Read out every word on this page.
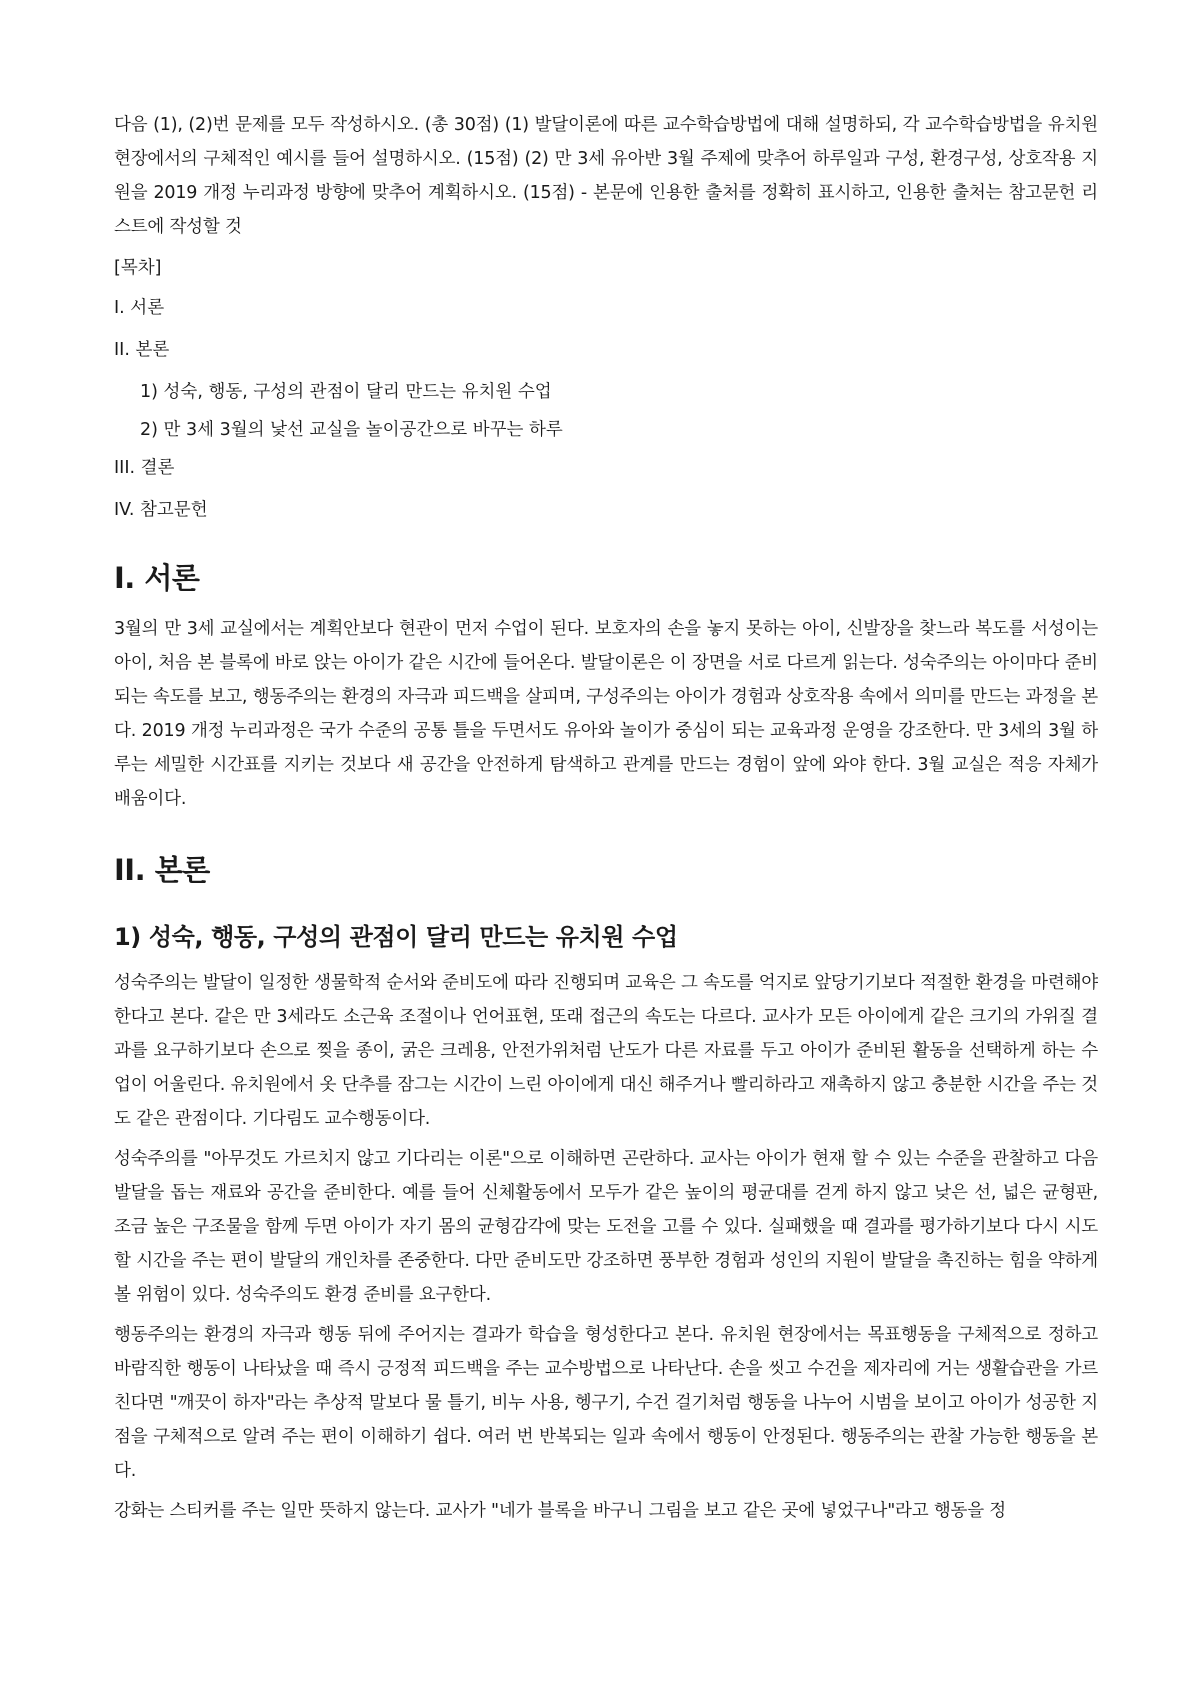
다음 (1), (2)번 문제를 모두 작성하시오. (총 30점) (1) 발달이론에 따른 교수학습방법에 대해 설명하되, 각 교수학습방법을 유치원 현장에서의 구체적인 예시를 들어 설명하시오. (15점) (2) 만 3세 유아반 3월 주제에 맞추어 하루일과 구성, 환경구성, 상호작용 지원을 2019 개정 누리과정 방향에 맞추어 계획하시오. (15점) - 본문에 인용한 출처를 정확히 표시하고, 인용한 출처는 참고문헌 리스트에 작성할 것

[목차]
I. 서론
II. 본론
1) 성숙, 행동, 구성의 관점이 달리 만드는 유치원 수업
2) 만 3세 3월의 낯선 교실을 놀이공간으로 바꾸는 하루
III. 결론
IV. 참고문헌
I. 서론

3월의 만 3세 교실에서는 계획안보다 현관이 먼저 수업이 된다. 보호자의 손을 놓지 못하는 아이, 신발장을 찾느라 복도를 서성이는 아이, 처음 본 블록에 바로 앉는 아이가 같은 시간에 들어온다. 발달이론은 이 장면을 서로 다르게 읽는다. 성숙주의는 아이마다 준비되는 속도를 보고, 행동주의는 환경의 자극과 피드백을 살피며, 구성주의는 아이가 경험과 상호작용 속에서 의미를 만드는 과정을 본다. 2019 개정 누리과정은 국가 수준의 공통 틀을 두면서도 유아와 놀이가 중심이 되는 교육과정 운영을 강조한다. 만 3세의 3월 하루는 세밀한 시간표를 지키는 것보다 새 공간을 안전하게 탐색하고 관계를 만드는 경험이 앞에 와야 한다. 3월 교실은 적응 자체가 배움이다.

II. 본론
1) 성숙, 행동, 구성의 관점이 달리 만드는 유치원 수업

성숙주의는 발달이 일정한 생물학적 순서와 준비도에 따라 진행되며 교육은 그 속도를 억지로 앞당기기보다 적절한 환경을 마련해야 한다고 본다. 같은 만 3세라도 소근육 조절이나 언어표현, 또래 접근의 속도는 다르다. 교사가 모든 아이에게 같은 크기의 가위질 결과를 요구하기보다 손으로 찢을 종이, 굵은 크레용, 안전가위처럼 난도가 다른 자료를 두고 아이가 준비된 활동을 선택하게 하는 수업이 어울린다. 유치원에서 옷 단추를 잠그는 시간이 느린 아이에게 대신 해주거나 빨리하라고 재촉하지 않고 충분한 시간을 주는 것도 같은 관점이다. 기다림도 교수행동이다.

성숙주의를 "아무것도 가르치지 않고 기다리는 이론"으로 이해하면 곤란하다. 교사는 아이가 현재 할 수 있는 수준을 관찰하고 다음 발달을 돕는 재료와 공간을 준비한다. 예를 들어 신체활동에서 모두가 같은 높이의 평균대를 걷게 하지 않고 낮은 선, 넓은 균형판, 조금 높은 구조물을 함께 두면 아이가 자기 몸의 균형감각에 맞는 도전을 고를 수 있다. 실패했을 때 결과를 평가하기보다 다시 시도할 시간을 주는 편이 발달의 개인차를 존중한다. 다만 준비도만 강조하면 풍부한 경험과 성인의 지원이 발달을 촉진하는 힘을 약하게 볼 위험이 있다. 성숙주의도 환경 준비를 요구한다.

행동주의는 환경의 자극과 행동 뒤에 주어지는 결과가 학습을 형성한다고 본다. 유치원 현장에서는 목표행동을 구체적으로 정하고 바람직한 행동이 나타났을 때 즉시 긍정적 피드백을 주는 교수방법으로 나타난다. 손을 씻고 수건을 제자리에 거는 생활습관을 가르친다면 "깨끗이 하자"라는 추상적 말보다 물 틀기, 비누 사용, 헹구기, 수건 걸기처럼 행동을 나누어 시범을 보이고 아이가 성공한 지점을 구체적으로 알려 주는 편이 이해하기 쉽다. 여러 번 반복되는 일과 속에서 행동이 안정된다. 행동주의는 관찰 가능한 행동을 본다.

강화는 스티커를 주는 일만 뜻하지 않는다. 교사가 "네가 블록을 바구니 그림을 보고 같은 곳에 넣었구나"라고 행동을 정
